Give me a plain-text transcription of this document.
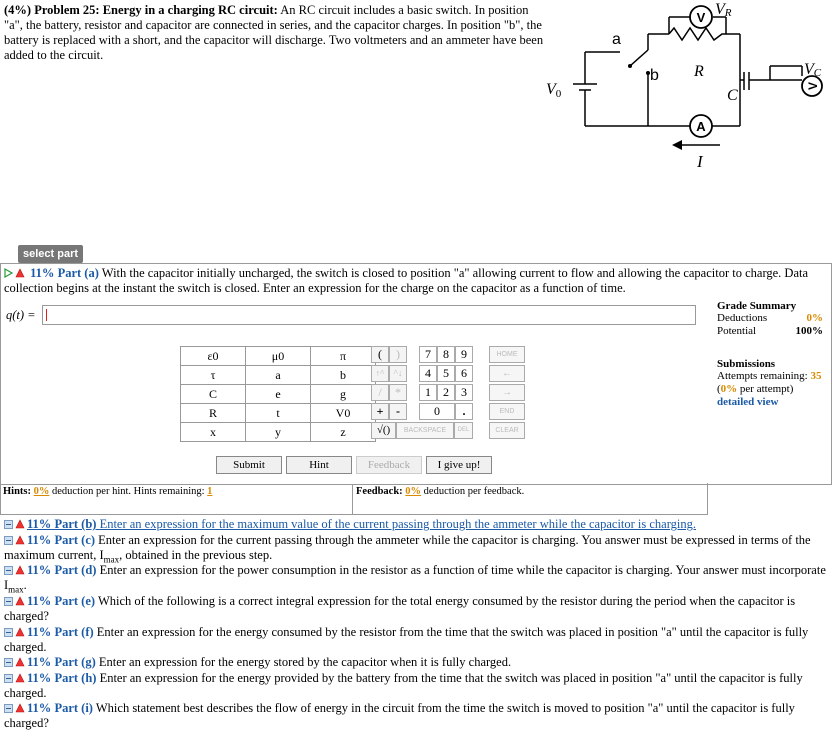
(4%) Problem 25: Energy in a charging RC circuit: An RC circuit includes a basic switch. In position "a", the battery, resistor and capacitor are connected in series, and the capacitor charges. In position "b", the battery is replaced with a short, and the capacitor will discharge. Two voltmeters and an ammeter have been added to the circuit.
V
A
V
a
b R
C
I
V0
VR
VC
select part
11% Part (a) With the capacitor initially uncharged, the switch is closed to position "a" allowing current to flow and allowing the capacitor to charge. Data collection begins at the instant the switch is closed. Enter an expression for the charge on the capacitor as a function of time.
q(t) =
Grade Summary
Deductions	0%
Potential	100%
Submissions
Attempts remaining: 35
(0% per attempt)
detailed view
ε0	μ0	π
τ	a	b
C	e	g
R	t	V0
x	y	z
(	)	7	8	9	HOME
↑^	^↓	4	5	6	←
/	*	1	2	3	→
+	-	0	.	END
√()	BACKSPACE	DEL	CLEAR
Submit	Hint	Feedback	I give up!
Hints: 0% deduction per hint. Hints remaining: 1	Feedback: 0% deduction per feedback.
11% Part (b) Enter an expression for the maximum value of the current passing through the ammeter while the capacitor is charging.
11% Part (c) Enter an expression for the current passing through the ammeter while the capacitor is charging. You answer must be expressed in terms of the maximum current, $I_{max}$, obtained in the previous step.
11% Part (d) Enter an expression for the power consumption in the resistor as a function of time while the capacitor is charging. Your answer must incorporate $I_{max}$.
11% Part (e) Which of the following is a correct integral expression for the total energy consumed by the resistor during the period when the capacitor is charged?
11% Part (f) Enter an expression for the energy consumed by the resistor from the time that the switch was placed in position "a" until the capacitor is fully charged.
11% Part (g) Enter an expression for the energy stored by the capacitor when it is fully charged.
11% Part (h) Enter an expression for the energy provided by the battery from the time that the switch was placed in position "a" until the capacitor is fully charged.
11% Part (i) Which statement best describes the flow of energy in the circuit from the time the switch is moved to position "a" until the capacitor is fully charged?
